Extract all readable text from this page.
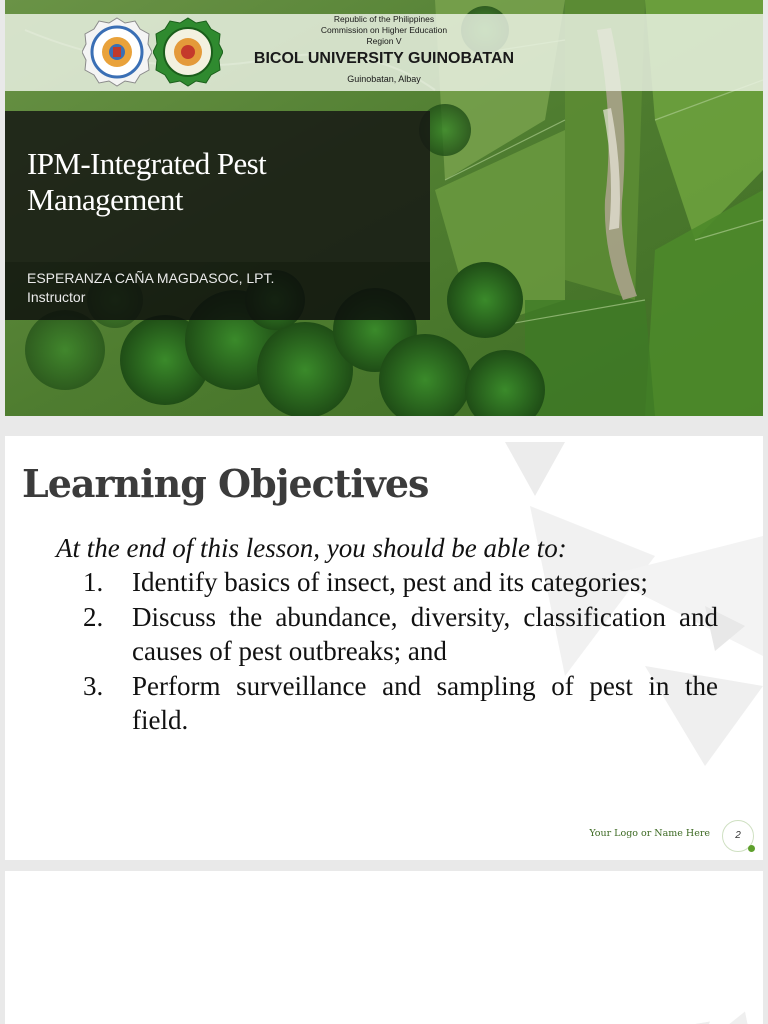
Republic of the Philippines
Commission on Higher Education
Region V
BICOL UNIVERSITY GUINOBATAN
Guinobatan, Albay
IPM-Integrated Pest Management
ESPERANZA CAÑA MAGDASOC, LPT.
Instructor
Learning Objectives
At the end of this lesson, you should be able to:
1.	Identify basics of insect, pest and its categories;
2.	Discuss the abundance, diversity, classification and causes of pest outbreaks; and
3.	Perform surveillance and sampling of pest in the field.
Your Logo or Name Here	2
